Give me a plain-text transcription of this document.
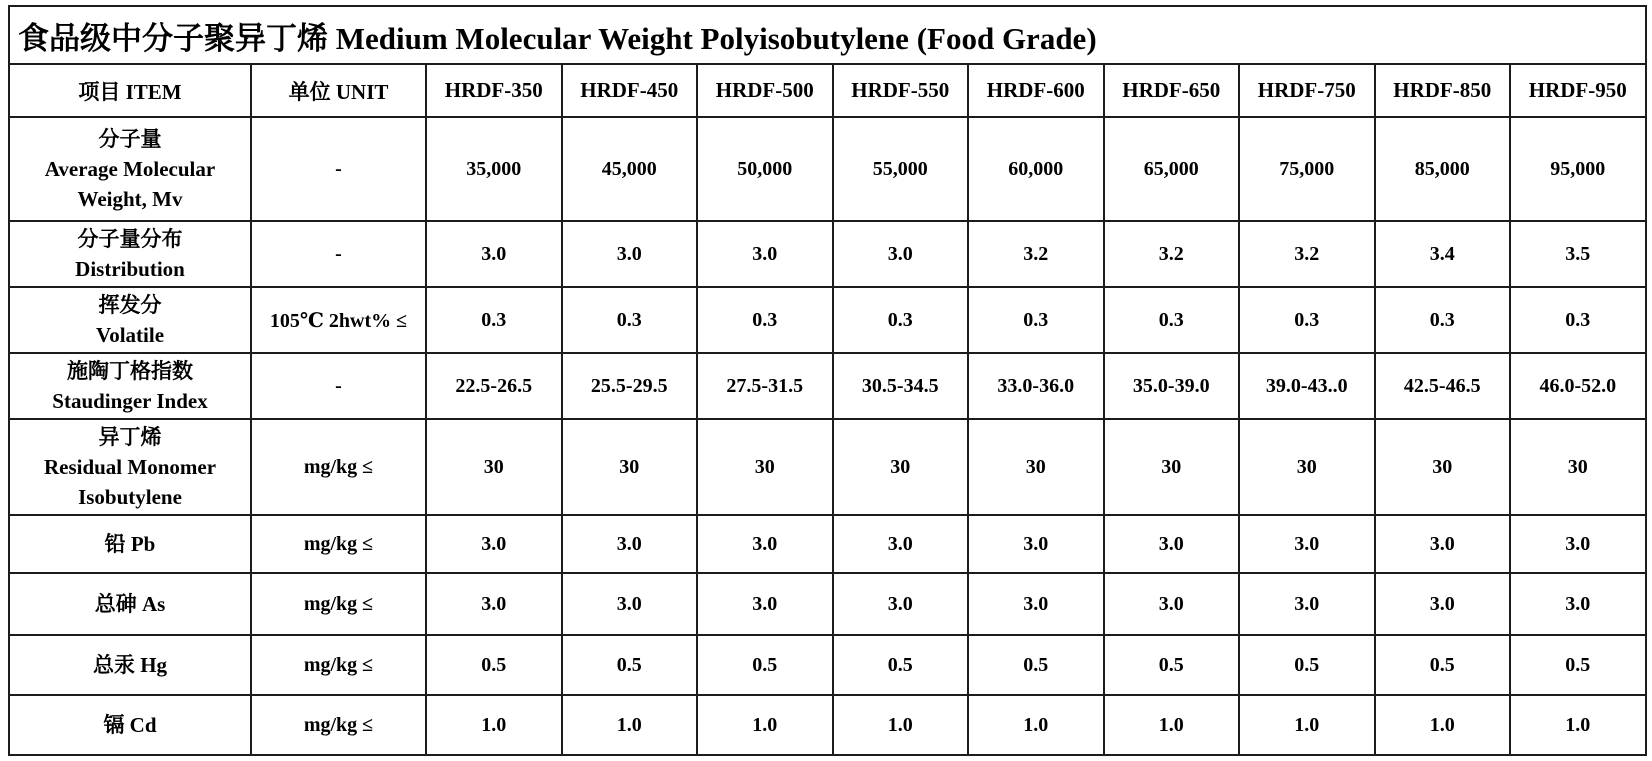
食品级中分子聚异丁烯 Medium Molecular Weight Polyisobutylene (Food Grade)										
项目 ITEM	单位 UNIT	HRDF-350	HRDF-450	HRDF-500	HRDF-550	HRDF-600	HRDF-650	HRDF-750	HRDF-850	HRDF-950

分子量
Average Molecular
Weight, Mv	-	35,000	45,000	50,000	55,000	60,000	65,000	75,000	85,000	95,000

分子量分布
Distribution	-	3.0	3.0	3.0	3.0	3.2	3.2	3.2	3.4	3.5

挥发分
Volatile	105℃ 2hwt% ≤	0.3	0.3	0.3	0.3	0.3	0.3	0.3	0.3	0.3

施陶丁格指数
Staudinger Index	-	22.5-26.5	25.5-29.5	27.5-31.5	30.5-34.5	33.0-36.0	35.0-39.0	39.0-43..0	42.5-46.5	46.0-52.0

异丁烯
Residual Monomer
Isobutylene	mg/kg ≤	30	30	30	30	30	30	30	30	30

铅 Pb	mg/kg ≤	3.0	3.0	3.0	3.0	3.0	3.0	3.0	3.0	3.0

总砷 As	mg/kg ≤	3.0	3.0	3.0	3.0	3.0	3.0	3.0	3.0	3.0

总汞 Hg	mg/kg ≤	0.5	0.5	0.5	0.5	0.5	0.5	0.5	0.5	0.5

镉 Cd	mg/kg ≤	1.0	1.0	1.0	1.0	1.0	1.0	1.0	1.0	1.0
